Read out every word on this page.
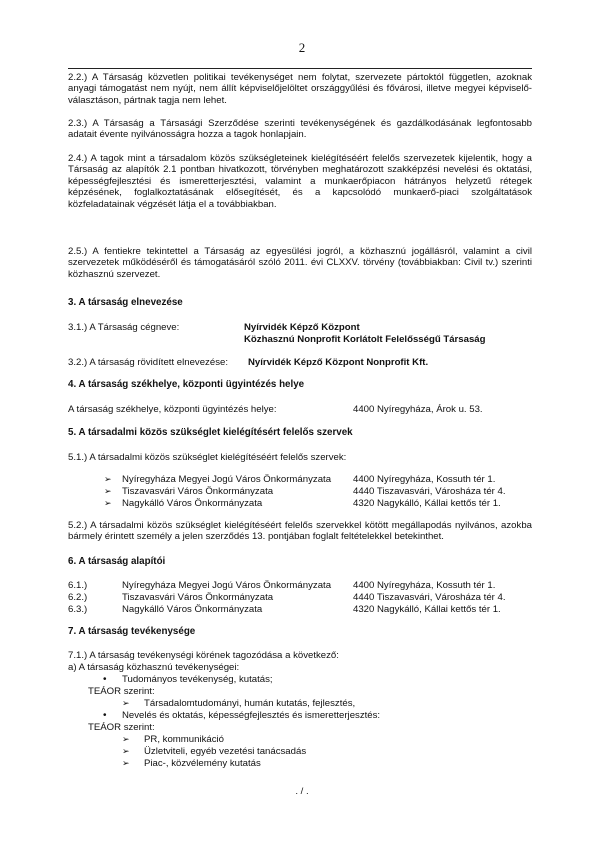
2
2.2.) A Társaság közvetlen politikai tevékenységet nem folytat, szervezete pártoktól független, azoknak anyagi támogatást nem nyújt, nem állít képviselőjelöltet országgyűlési és fővárosi, illetve megyei képviselő-választáson, pártnak tagja nem lehet.
2.3.) A Társaság a Társasági Szerződése szerinti tevékenységének és gazdálkodásának legfontosabb adatait évente nyilvánosságra hozza a tagok honlapjain.
2.4.) A tagok mint a társadalom közös szükségleteinek kielégítéséért felelős szervezetek kijelentik, hogy a Társaság az alapítók 2.1 pontban hivatkozott, törvényben meghatározott szakképzési nevelési és oktatási, képességfejlesztési és ismeretterjesztési, valamint a munkaerőpiacon hátrányos helyzetű rétegek képzésének, foglalkoztatásának elősegítését, és a kapcsolódó munkaerő-piaci szolgáltatások közfeladatainak végzését látja el a továbbiakban.
2.5.) A fentiekre tekintettel a Társaság az egyesülési jogról, a közhasznú jogállásról, valamint a civil szervezetek működéséről és támogatásáról szóló 2011. évi CLXXV. törvény (továbbiakban: Civil tv.) szerinti közhasznú szervezet.
3. A társaság elnevezése
3.1.) A Társaság cégneve:	Nyírvidék Képző Központ
Közhasznú Nonprofit Korlátolt Felelősségű Társaság
3.2.) A társaság rövidített elnevezése: Nyírvidék Képző Központ Nonprofit Kft.
4. A társaság székhelye, központi ügyintézés helye
A társaság székhelye, központi ügyintézés helye:	4400 Nyíregyháza, Árok u. 53.
5. A társadalmi közös szükséglet kielégítésért felelős szervek
5.1.) A társadalmi közös szükséglet kielégítéséért felelős szervek:
➢ Nyíregyháza Megyei Jogú Város Önkormányzata 4400 Nyíregyháza, Kossuth tér 1.
➢ Tiszavasvári Város Önkormányzata	4440 Tiszavasvári, Városháza tér 4.
➢ Nagykálló Város Önkormányzata	4320 Nagykálló, Kállai kettős tér 1.
5.2.) A társadalmi közös szükséglet kielégítéséért felelős szervekkel kötött megállapodás nyilvános, azokba bármely érintett személy a jelen szerződés 13. pontjában foglalt feltételekkel betekinthet.
6. A társaság alapítói
6.1.)	Nyíregyháza Megyei Jogú Város Önkormányzata 4400 Nyíregyháza, Kossuth tér 1.
6.2.)	Tiszavasvári Város Önkormányzata	4440 Tiszavasvári, Városháza tér 4.
6.3.)	Nagykálló Város Önkormányzata	4320 Nagykálló, Kállai kettős tér 1.
7. A társaság tevékenysége
7.1.) A társaság tevékenységi körének tagozódása a következő:
a) A társaság közhasznú tevékenységei:
• Tudományos tevékenység, kutatás;
TEÁOR szerint:
➢ Társadalomtudományi, humán kutatás, fejlesztés,
• Nevelés és oktatás, képességfejlesztés és ismeretterjesztés:
TEÁOR szerint:
➢ PR, kommunikáció
➢ Üzletviteli, egyéb vezetési tanácsadás
➢ Piac-, közvélemény kutatás
. / .
